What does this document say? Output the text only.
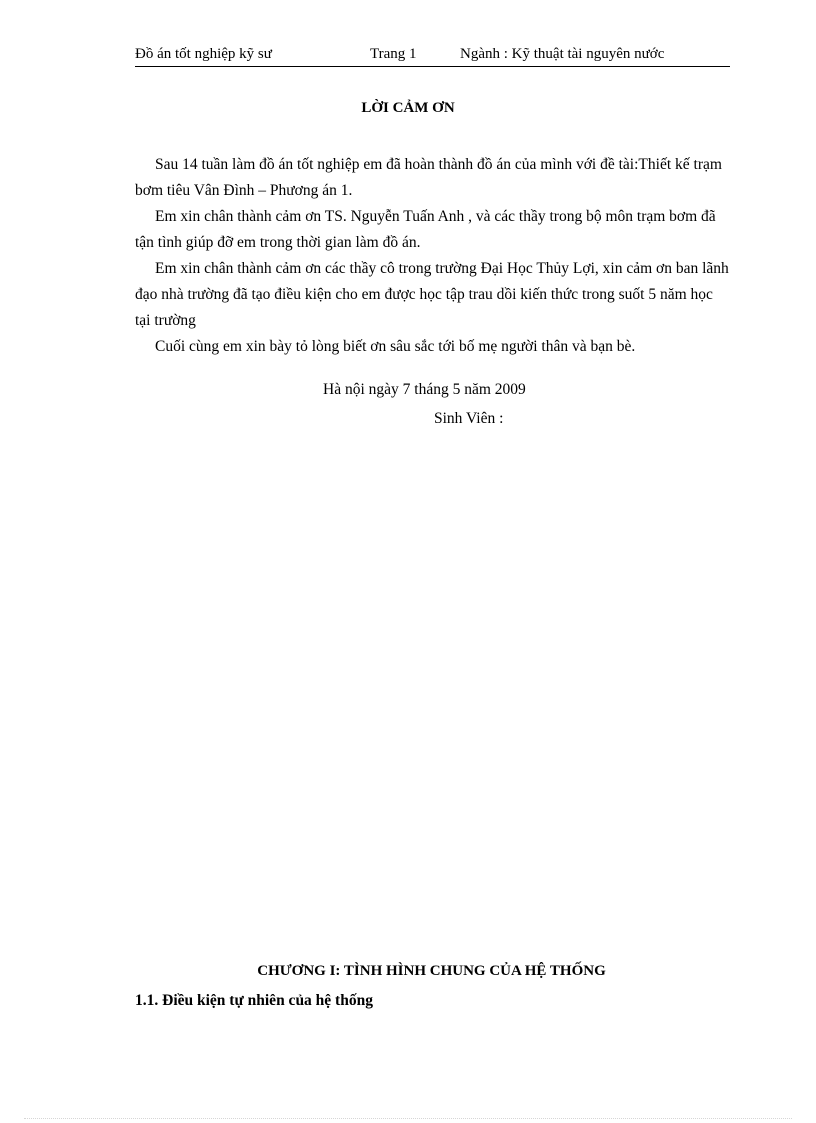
Đồ án tốt nghiệp kỹ sư	Trang 1	Ngành : Kỹ thuật tài nguyên nước
LỜI CẢM ƠN

Sau 14 tuần làm đồ án tốt nghiệp em đã hoàn thành đồ án của mình với đề tài:Thiết kế trạm bơm tiêu Vân Đình – Phương án 1.

Em xin chân thành cảm ơn TS. Nguyễn Tuấn Anh , và các thầy trong bộ môn trạm bơm đã tận tình giúp đỡ em trong thời gian làm đồ án.

Em xin chân thành cảm ơn các thầy cô trong trường Đại Học Thủy Lợi, xin cảm ơn ban lãnh đạo nhà trường đã tạo điều kiện cho em được học tập trau dồi kiến thức trong suốt 5 năm học tại trường

Cuối cùng em xin bày tỏ lòng biết ơn sâu sắc tới bố mẹ người thân và bạn bè.

Hà nội ngày 7 tháng 5 năm 2009
Sinh Viên :
CHƯƠNG I: TÌNH HÌNH CHUNG CỦA HỆ THỐNG
1.1. Điều kiện tự nhiên của hệ thống
